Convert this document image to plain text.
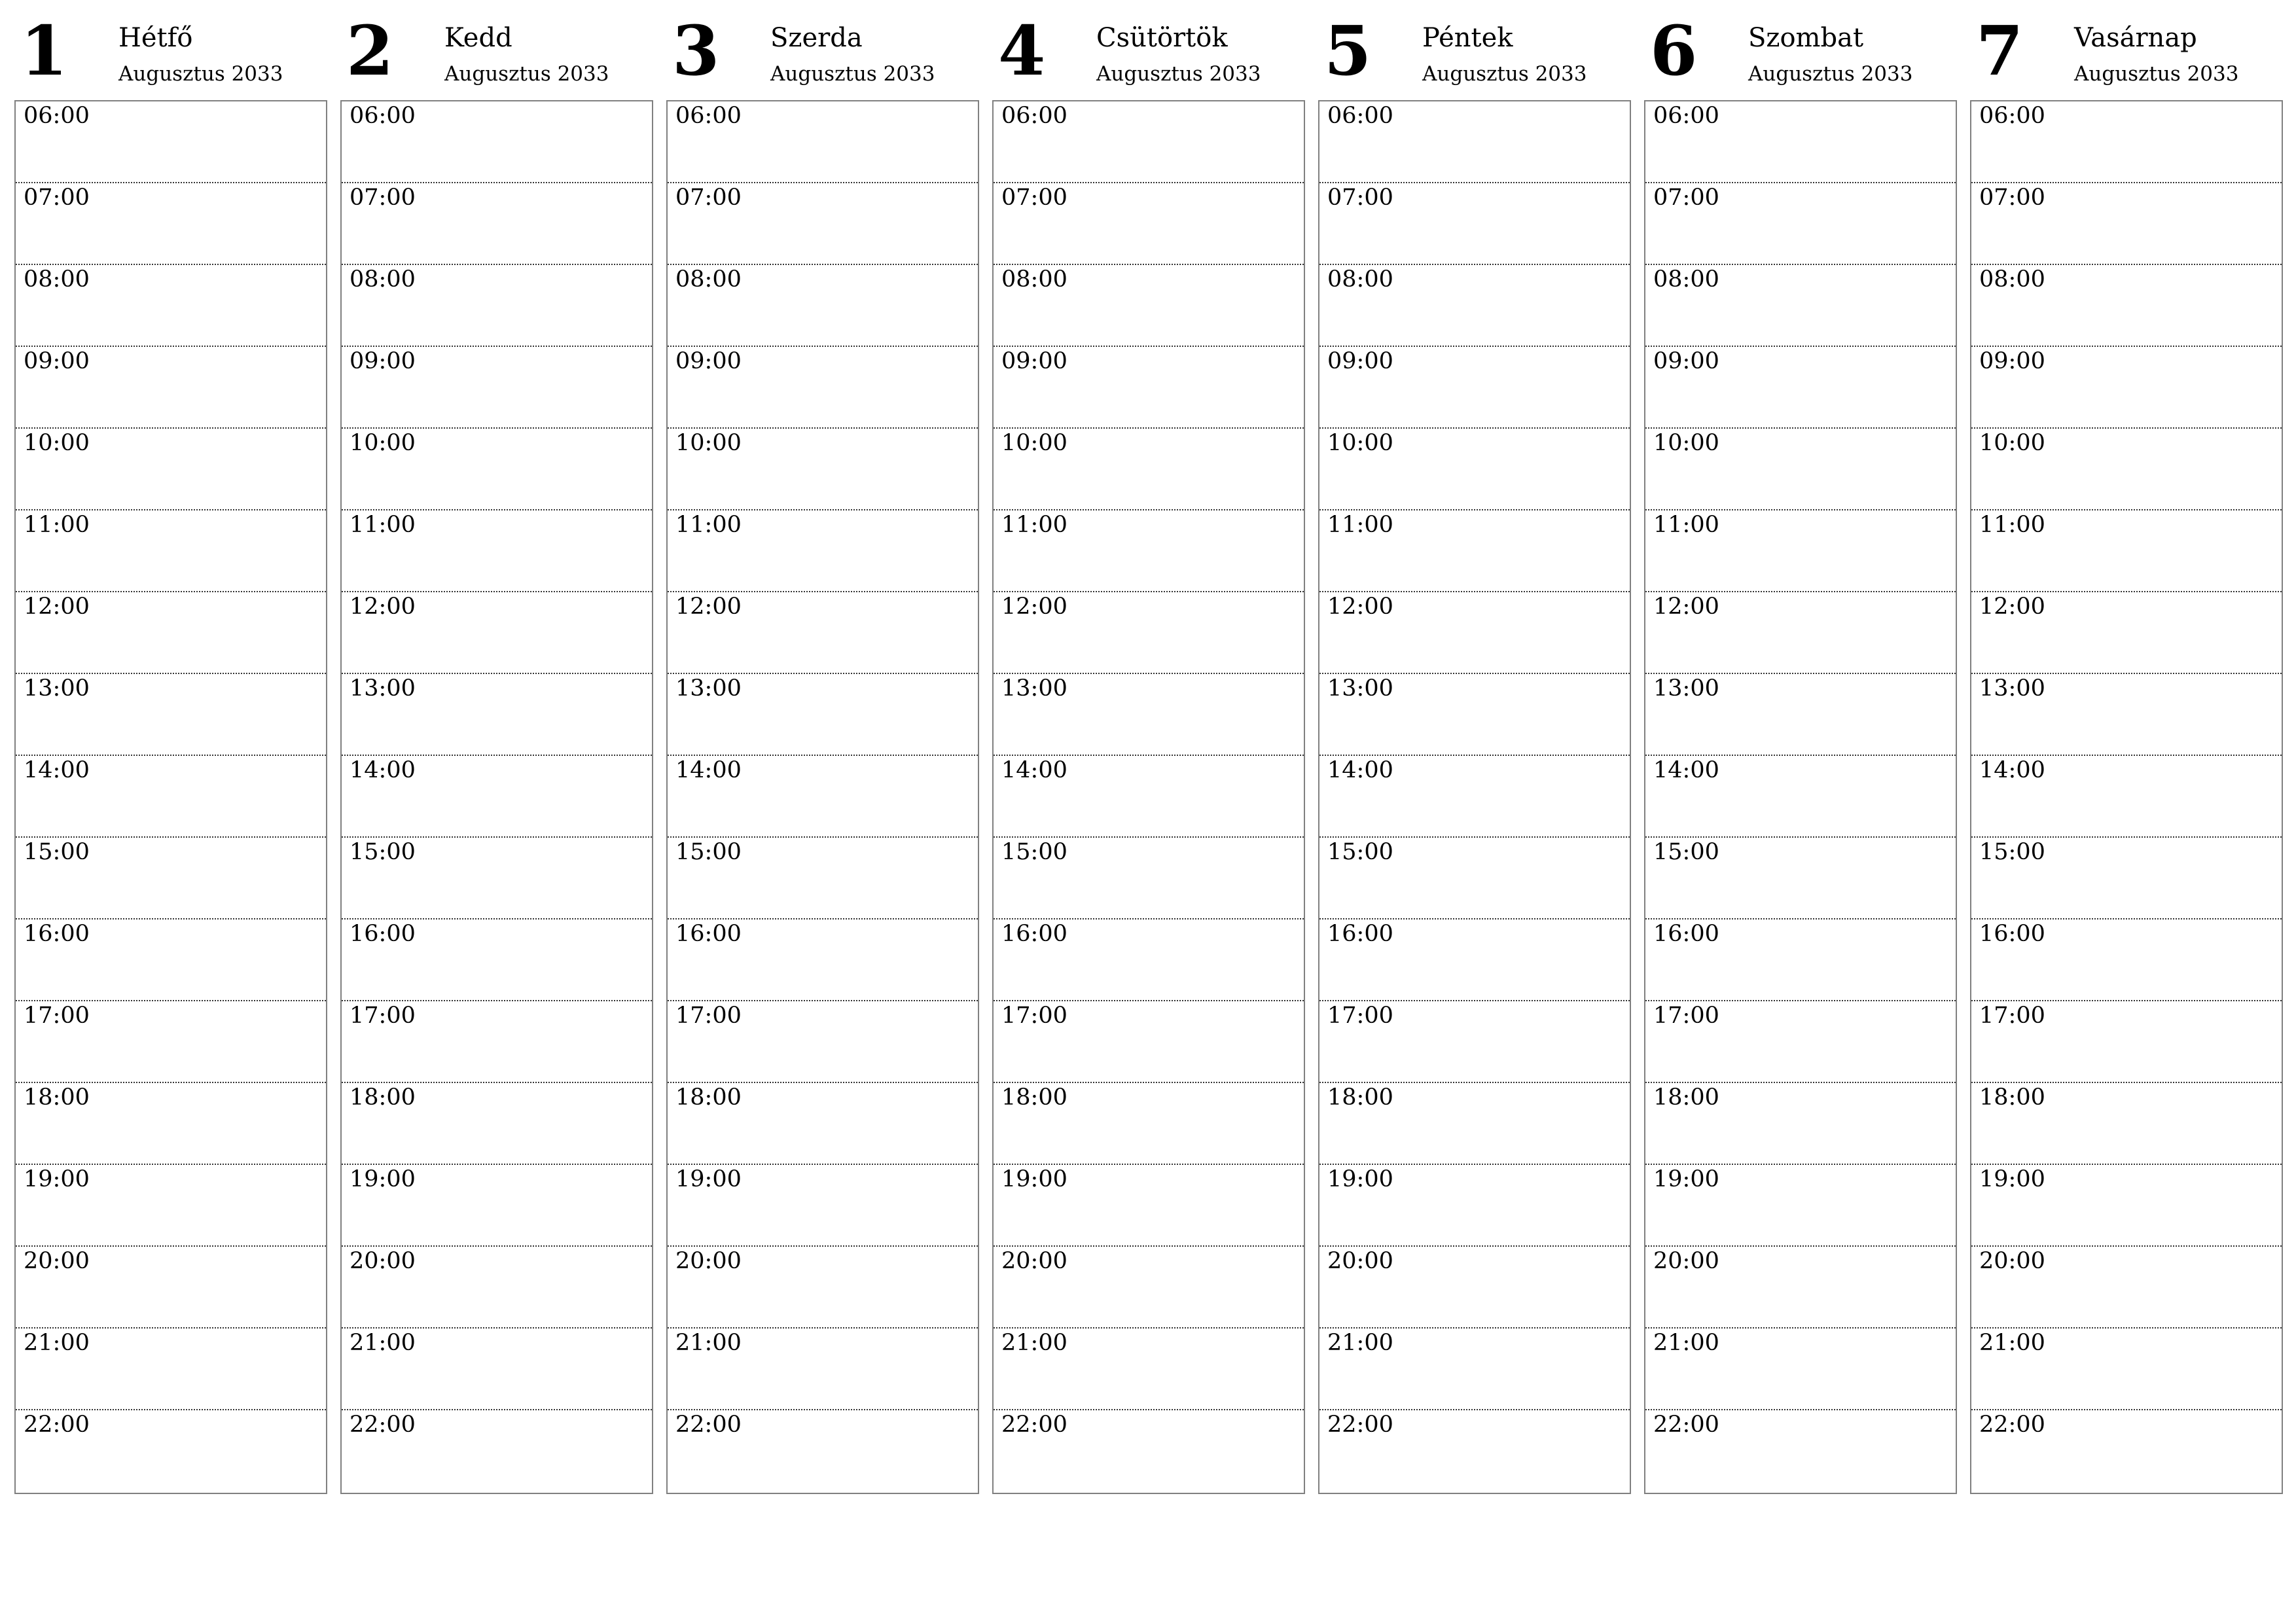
1 Hétfő
Augusztus 2033
06:00
07:00
08:00
09:00
10:00
11:00
12:00
13:00
14:00
15:00
16:00
17:00
18:00
19:00
20:00
21:00
22:00
2 Kedd
Augusztus 2033
06:00
07:00
08:00
09:00
10:00
11:00
12:00
13:00
14:00
15:00
16:00
17:00
18:00
19:00
20:00
21:00
22:00
3 Szerda
Augusztus 2033
06:00
07:00
08:00
09:00
10:00
11:00
12:00
13:00
14:00
15:00
16:00
17:00
18:00
19:00
20:00
21:00
22:00
4 Csütörtök
Augusztus 2033
06:00
07:00
08:00
09:00
10:00
11:00
12:00
13:00
14:00
15:00
16:00
17:00
18:00
19:00
20:00
21:00
22:00
5 Péntek
Augusztus 2033
06:00
07:00
08:00
09:00
10:00
11:00
12:00
13:00
14:00
15:00
16:00
17:00
18:00
19:00
20:00
21:00
22:00
6 Szombat
Augusztus 2033
06:00
07:00
08:00
09:00
10:00
11:00
12:00
13:00
14:00
15:00
16:00
17:00
18:00
19:00
20:00
21:00
22:00
7 Vasárnap
Augusztus 2033
06:00
07:00
08:00
09:00
10:00
11:00
12:00
13:00
14:00
15:00
16:00
17:00
18:00
19:00
20:00
21:00
22:00
